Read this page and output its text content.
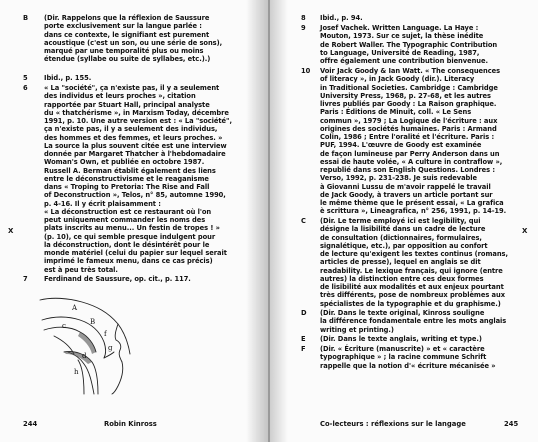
B (Dir. Rappelons que la réflexion de Saussure
porte exclusivement sur la langue parlée :
dans ce contexte, le signifiant est purement
acoustique (c'est un son, ou une série de sons),
marqué par une temporalité plus ou moins
étendue (syllabe ou suite de syllabes, etc.).)
5 Ibid., p. 155.
6 « La "société", ça n'existe pas, il y a seulement
des individus et leurs proches », citation
rapportée par Stuart Hall, principal analyste
du « thatchérisme », in Marxism Today, décembre
1991, p. 10. Une autre version est : « La "société",
ça n'existe pas, il y a seulement des individus,
des hommes et des femmes, et leurs proches. »
La source la plus souvent citée est une interview
donnée par Margaret Thatcher à l'hebdomadaire
Woman's Own, et publiée en octobre 1987.
Russell A. Berman établit également des liens
entre le déconstructivisme et le reaganisme
dans « Troping to Pretoria: The Rise and Fall
of Deconstruction », Telos, n° 85, automne 1990,
p. 4-16. Il y écrit plaisamment :
« La déconstruction est ce restaurant où l'on
peut uniquement commander les noms des
plats inscrits au menu... Un festin de tropes ! »
(p. 10), ce qui semble presque indulgent pour
la déconstruction, dont le désintérêt pour le
monde matériel (celui du papier sur lequel serait
imprimé le fameux menu, dans ce cas précis)
est à peu très total.
7 Ferdinand de Saussure, op. cit., p. 117.
X
A
B
f
c
g
d
h
244	Robin Kinross
8 Ibid., p. 94.
9 Josef Vachek. Written Language. La Haye :
Mouton, 1973. Sur ce sujet, la thèse inédite
de Robert Waller. The Typographic Contribution
to Language, Université de Reading, 1987,
offre également une contribution bienvenue.
10 Voir Jack Goody & Ian Watt. « The consequences
of literacy », in Jack Goody (dir.). Literacy
in Traditional Societies. Cambridge : Cambridge
University Press, 1968, p. 27-68, et les autres
livres publiés par Goody : La Raison graphique.
Paris : Éditions de Minuit, coll. « Le Sens
commun », 1979 ; La Logique de l'écriture : aux
origines des sociétés humaines. Paris : Armand
Colin, 1986 ; Entre l'oralité et l'écriture. Paris :
PUF, 1994. L'œuvre de Goody est examinée
de façon lumineuse par Perry Anderson dans un
essai de haute volée, « A culture in contraflow »,
republié dans son English Questions. Londres :
Verso, 1992, p. 231-238. Je suis redevable
à Giovanni Lussu de m'avoir rappelé le travail
de Jack Goody, à travers un article portant sur
le même thème que le présent essai, « La grafica
è scrittura », Lineagrafica, n° 256, 1991, p. 14-19.
C (Dir. Le terme employé ici est legibility, qui
désigne la lisibilité dans un cadre de lecture
de consultation (dictionnaires, formulaires,
signalétique, etc.), par opposition au confort
de lecture qu'exigent les textes continus (romans,
articles de presse), lequel en anglais se dit
readability. Le lexique français, qui ignore (entre
autres) la distinction entre ces deux formes
de lisibilité aux modalités et aux enjeux pourtant
très différents, pose de nombreux problèmes aux
spécialistes de la typographie et du graphisme.)
D (Dir. Dans le texte original, Kinross souligne
la différence fondamentale entre les mots anglais
writing et printing.)
E (Dir. Dans le texte anglais, writing et type.)
F (Dir. « Écriture (manuscrite) » et « caractère
typographique » ; la racine commune Schrift
rappelle que la notion d'« écriture mécanisée »
X
Co-lecteurs : réflexions sur le langage	245
